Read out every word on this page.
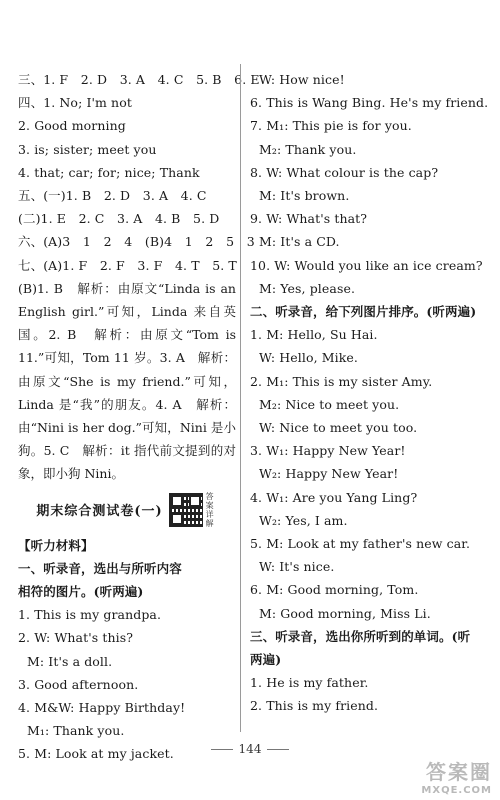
三、1. F　2. D　3. A　4. C　5. B　6. E
四、1. No; I'm not
2. Good morning
3. is; sister; meet you
4. that; car; for; nice; Thank
五、(一)1. B　2. D　3. A　4. C
(二)1. E　2. C　3. A　4. B　5. D
六、(A)3　1　2　4　(B)4　1　2　5　3
七、(A)1. F　2. F　3. F　4. T　5. T
(B)1. B　解析：由原文“Linda is an English girl.”可知，Linda 来自英国。2. B　解析：由原文“Tom is 11.”可知，Tom 11 岁。3. A　解析：由原文“She is my friend.”可知，Linda 是“我”的朋友。4. A　解析：由“Nini is her dog.”可知，Nini 是小狗。5. C　解析：it 指代前文提到的对象，即小狗 Nini。
期末综合测试卷(一)
答案详解
【听力材料】
一、听录音，选出与所听内容
相符的图片。(听两遍)
1. This is my grandpa.
2. W: What's this?
M: It's a doll.
3. Good afternoon.
4. M&W: Happy Birthday!
M₁: Thank you.
5. M: Look at my jacket.
W: How nice!
6. This is Wang Bing. He's my friend.
7. M₁: This pie is for you.
M₂: Thank you.
8. W: What colour is the cap?
M: It's brown.
9. W: What's that?
M: It's a CD.
10. W: Would you like an ice cream?
M: Yes, please.
二、听录音，给下列图片排序。(听两遍)
1. M: Hello, Su Hai.
W: Hello, Mike.
2. M₁: This is my sister Amy.
M₂: Nice to meet you.
W: Nice to meet you too.
3. W₁: Happy New Year!
W₂: Happy New Year!
4. W₁: Are you Yang Ling?
W₂: Yes, I am.
5. M: Look at my father's new car.
W: It's nice.
6. M: Good morning, Tom.
M: Good morning, Miss Li.
三、听录音，选出你所听到的单词。(听
两遍)
1. He is my father.
2. This is my friend.
144
答案圈
MXQE.COM
